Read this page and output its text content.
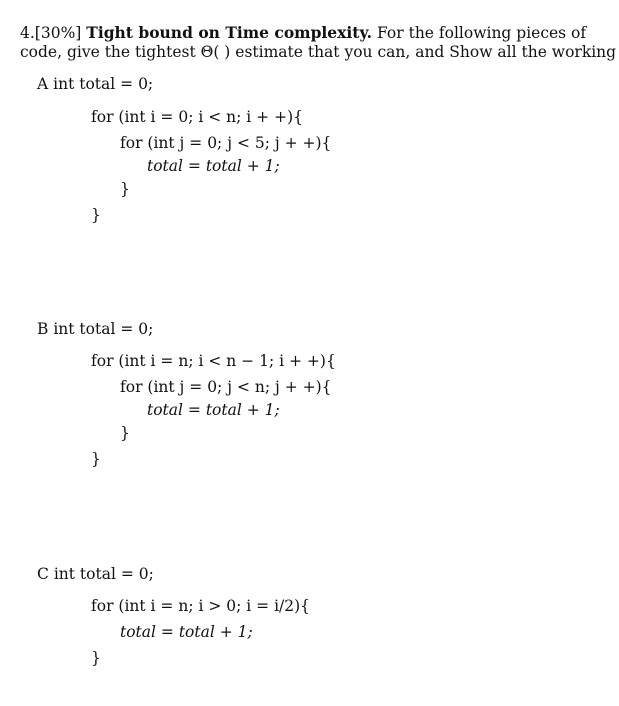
4.[30%] Tight bound on Time complexity. For the following pieces of
code, give the tightest Θ( ) estimate that you can, and Show all the working
A int total = 0;
for (int i = 0; i < n; i + +){
for (int j = 0; j < 5; j + +){
total = total + 1;
}
}
B int total = 0;
for (int i = n; i < n − 1; i + +){
for (int j = 0; j < n; j + +){
total = total + 1;
}
}
C int total = 0;
for (int i = n; i > 0; i = i/2){
total = total + 1;
}
